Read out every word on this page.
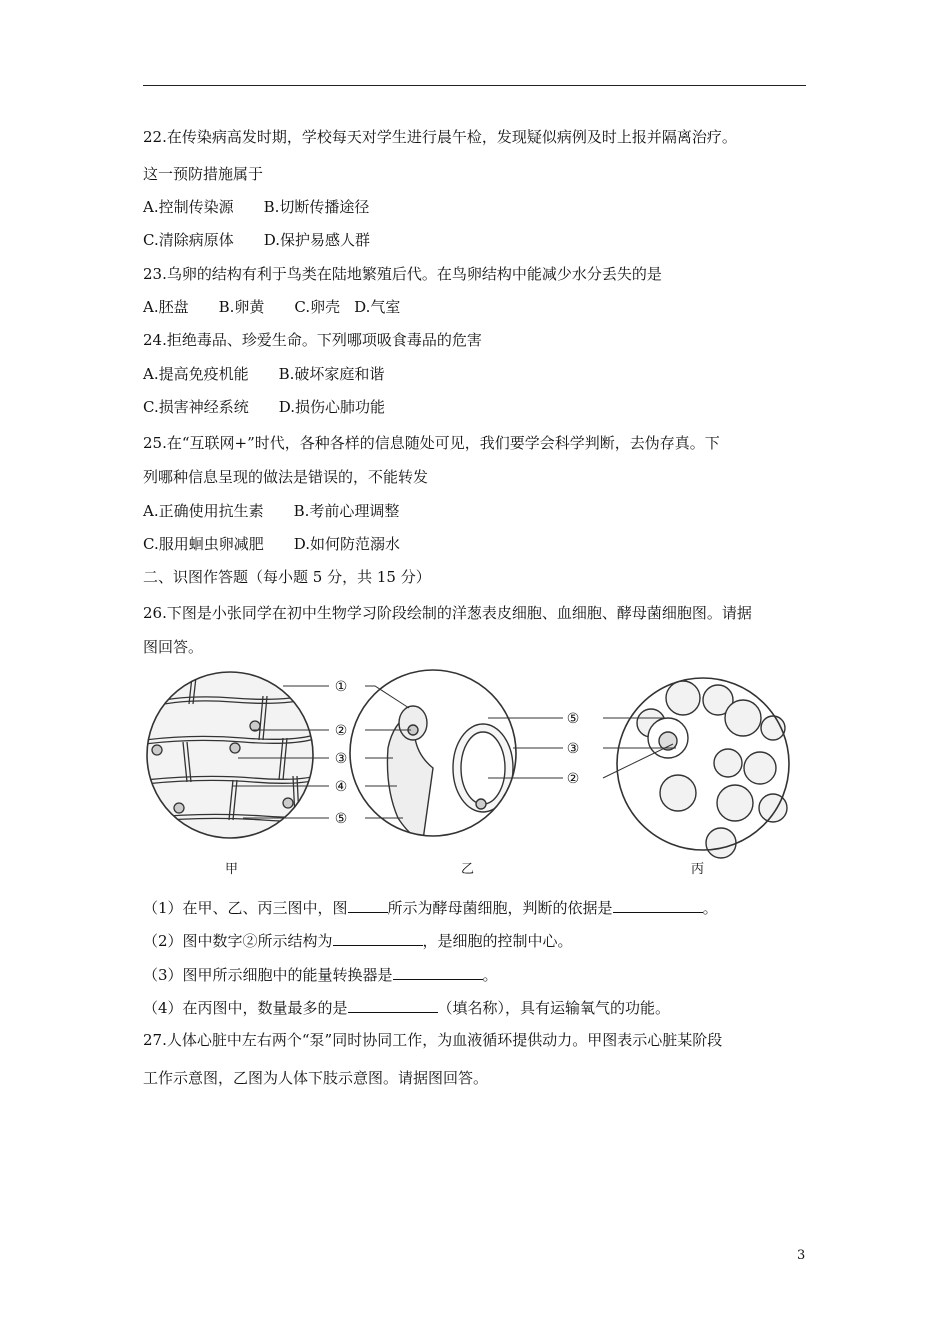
22.在传染病高发时期，学校每天对学生进行晨午检，发现疑似病例及时上报并隔离治疗。
这一预防措施属于
A.控制传染源 B.切断传播途径
C.清除病原体 D.保护易感人群
23.乌卵的结构有利于鸟类在陆地繁殖后代。在鸟卵结构中能减少水分丢失的是
A.胚盘 B.卵黄 C.卵壳 D.气室
24.拒绝毒品、珍爱生命。下列哪项吸食毒品的危害
A.提高免疫机能 B.破坏家庭和谐
C.损害神经系统 D.损伤心肺功能
25.在“互联网+”时代，各种各样的信息随处可见，我们要学会科学判断，去伪存真。下
列哪种信息呈现的做法是错误的，不能转发
A.正确使用抗生素 B.考前心理调整
C.服用蛔虫卵减肥 D.如何防范溺水
二、识图作答题（每小题 5 分，共 15 分）
26.下图是小张同学在初中生物学习阶段绘制的洋葱表皮细胞、血细胞、酵母菌细胞图。请据
图回答。
①
②
③
④
⑤
⑤
③
②
甲	乙	丙
（1）在甲、乙、丙三图中，图	所示为酵母菌细胞，判断的依据是	。
（2）图中数字②所示结构为	，是细胞的控制中心。
（3）图甲所示细胞中的能量转换器是	。
（4）在丙图中，数量最多的是	（填名称），具有运输氧气的功能。
27.人体心脏中左右两个“泵”同时协同工作，为血液循环提供动力。甲图表示心脏某阶段
工作示意图，乙图为人体下肢示意图。请据图回答。
3
